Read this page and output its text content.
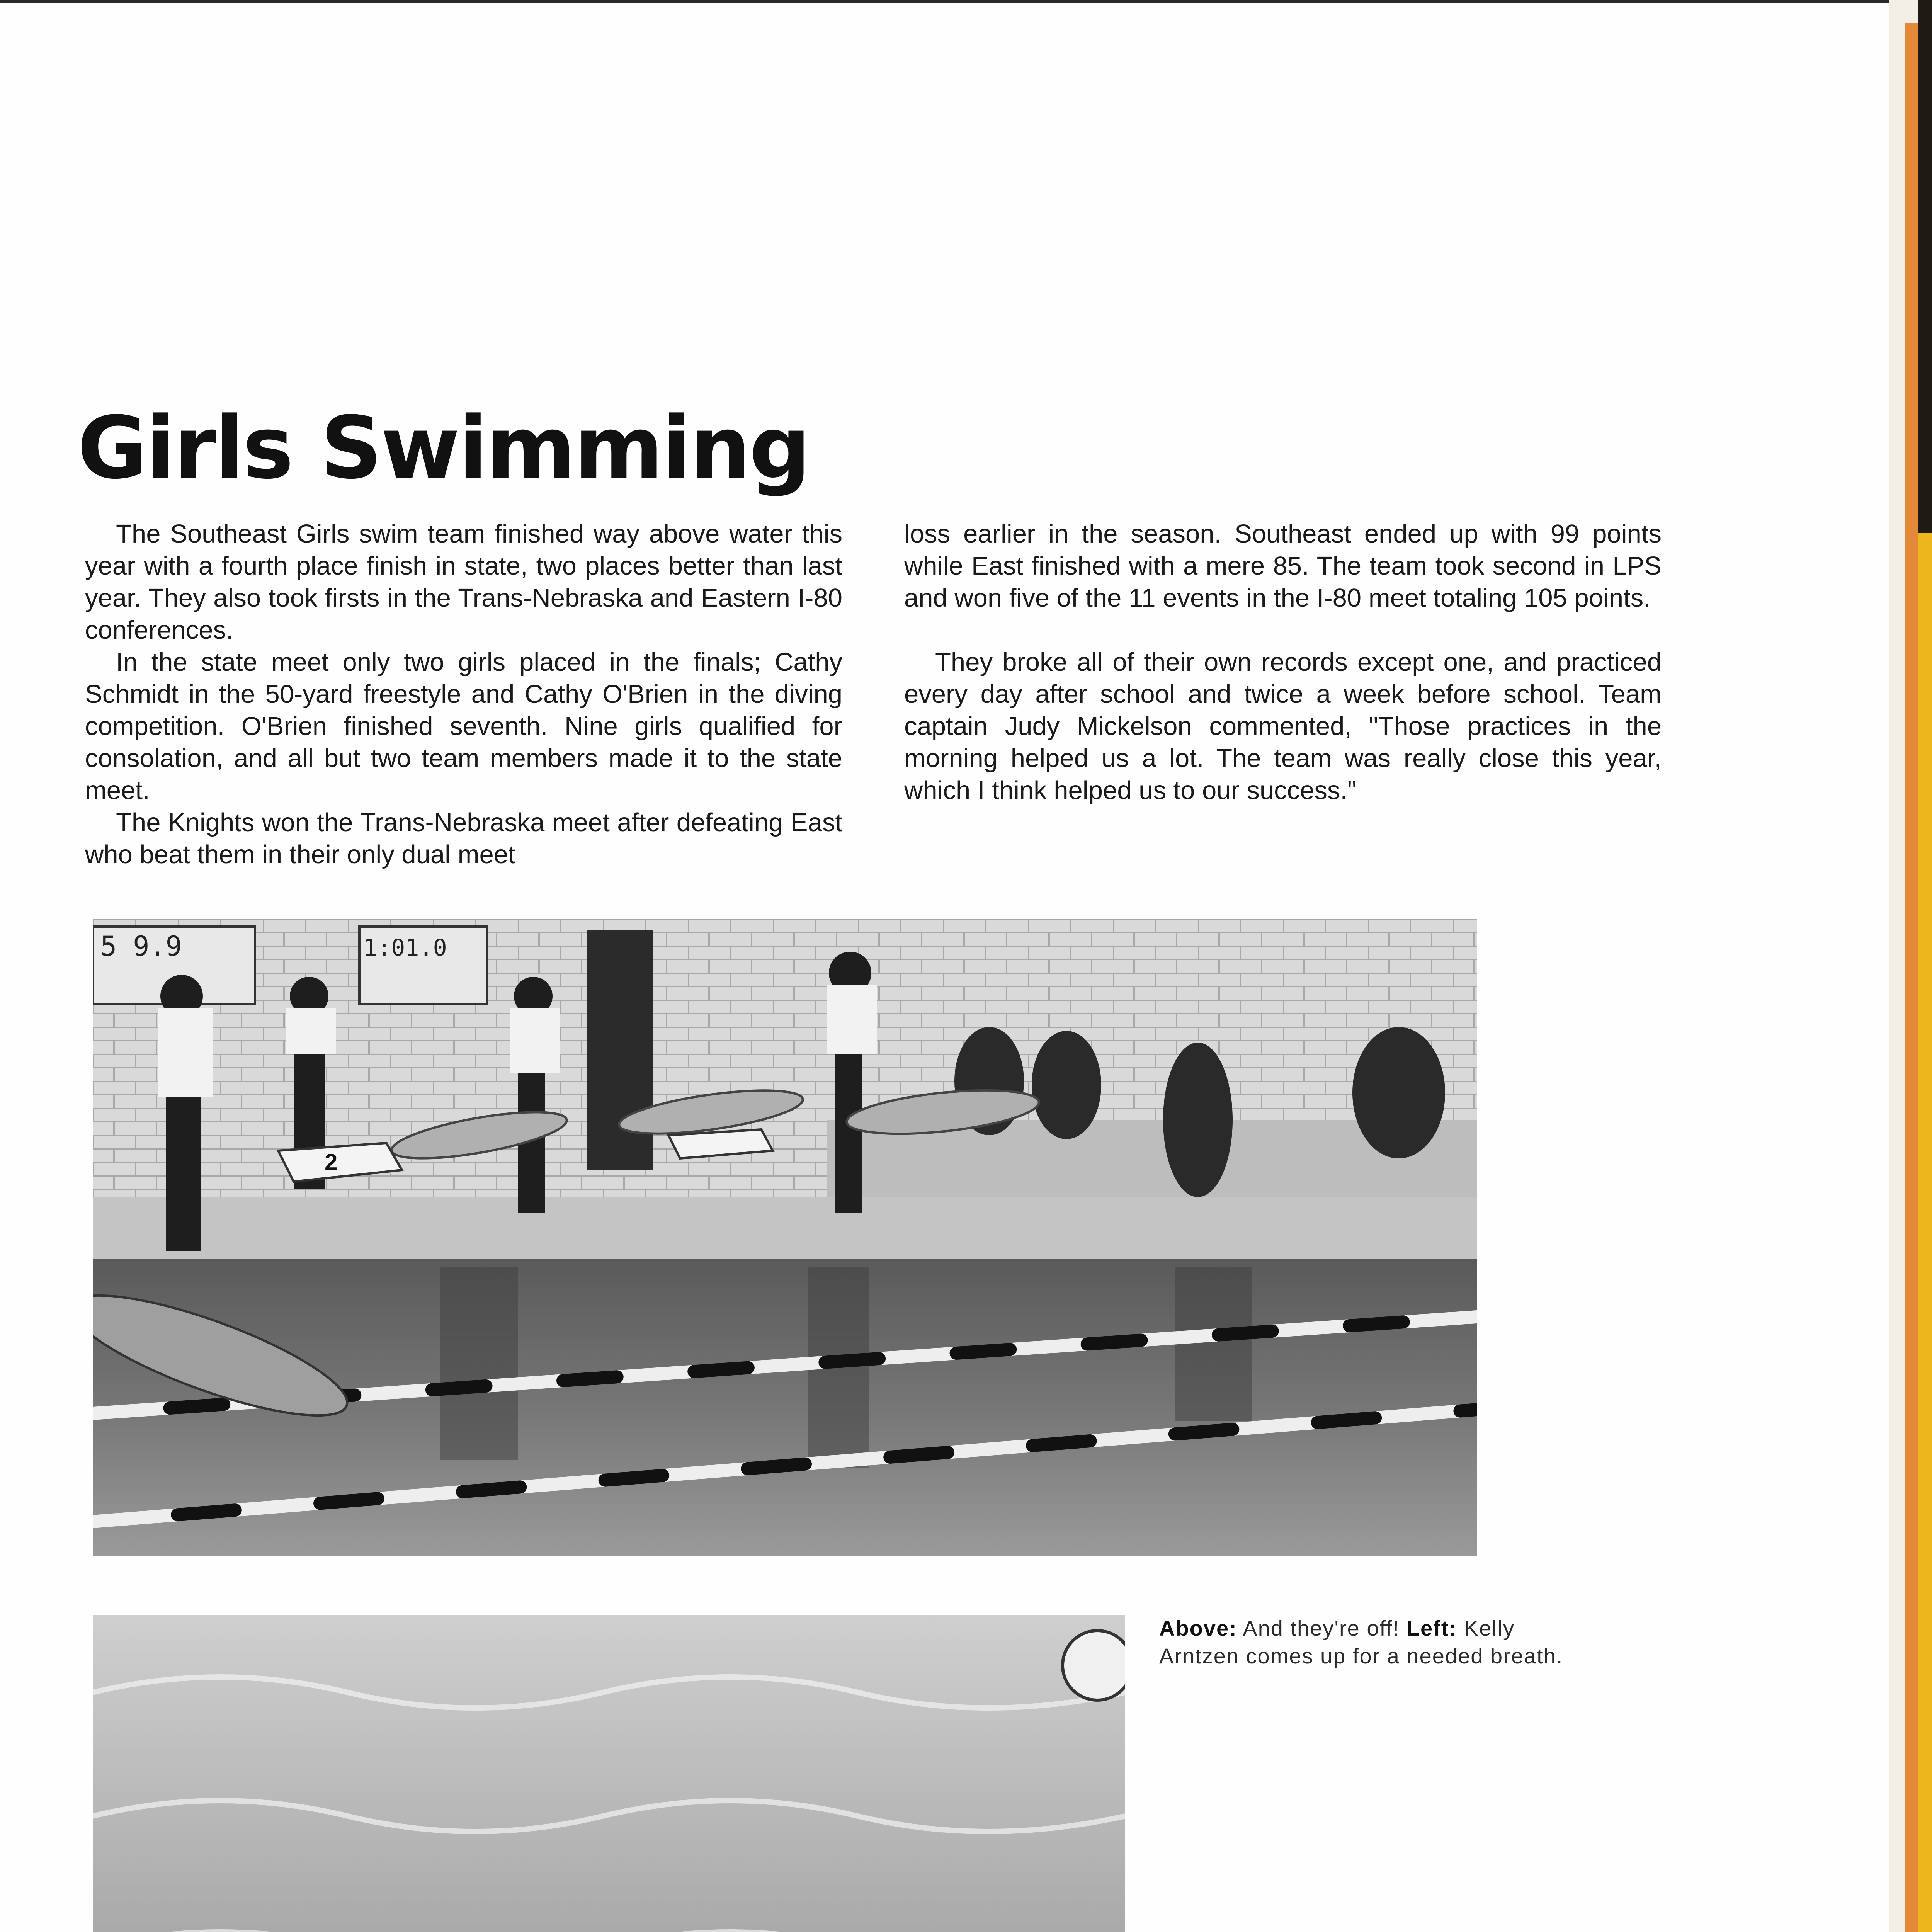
Girls Swimming

The Southeast Girls swim team finished way above water this year with a fourth place finish in state, two places better than last year. They also took firsts in the Trans-Nebraska and Eastern I-80 conferences.

In the state meet only two girls placed in the finals; Cathy Schmidt in the 50-yard freestyle and Cathy O'Brien in the diving competition. O'Brien finished seventh. Nine girls qualified for consolation, and all but two team members made it to the state meet.

The Knights won the Trans-Nebraska meet after defeating East who beat them in their only dual meet

loss earlier in the season. Southeast ended up with 99 points while East finished with a mere 85. The team took second in LPS and won five of the 11 events in the I-80 meet totaling 105 points.

They broke all of their own records except one, and practiced every day after school and twice a week before school. Team captain Judy Mickelson commented, "Those practices in the morning helped us a lot. The team was really close this year, which I think helped us to our success."

5 9.9	1:01.0
2
Above: And they're off! Left: Kelly Arntzen comes up for a needed breath.
